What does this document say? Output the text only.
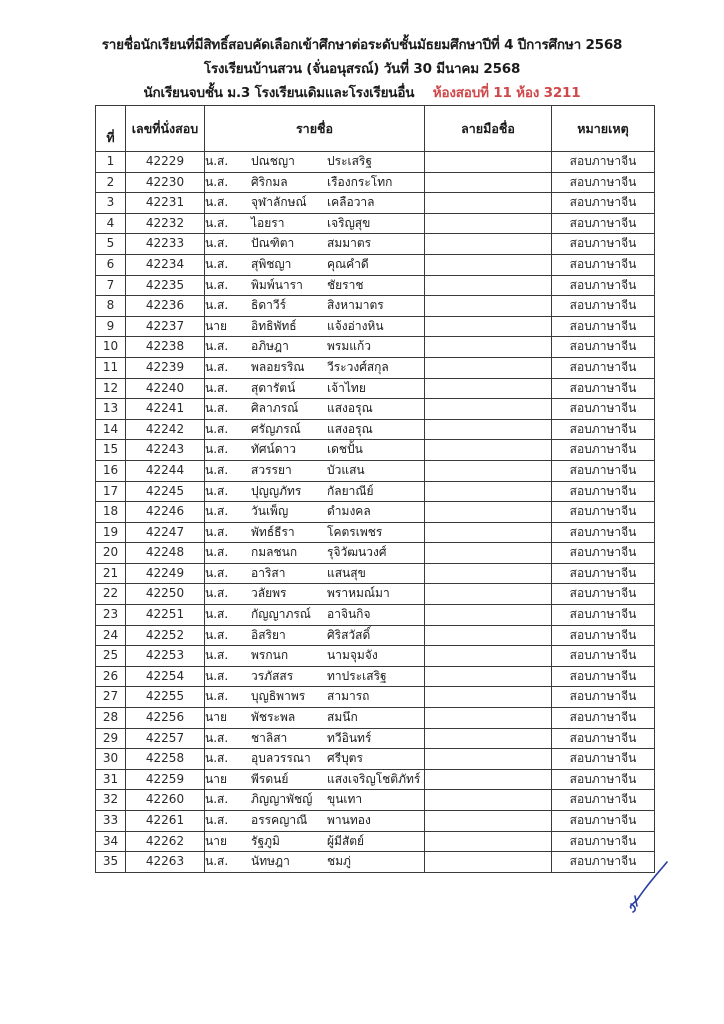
รายชื่อนักเรียนที่มีสิทธิ์สอบคัดเลือกเข้าศึกษาต่อระดับชั้นมัธยมศึกษาปีที่ 4 ปีการศึกษา 2568
โรงเรียนบ้านสวน (จั่นอนุสรณ์) วันที่ 30 มีนาคม 2568
นักเรียนจบชั้น ม.3 โรงเรียนเดิมและโรงเรียนอื่น ห้องสอบที่ 11 ห้อง 3211
ที่	เลขที่นั่งสอบ	รายชื่อ	ลายมือชื่อ	หมายเหตุ
1	42229	น.ส. ปณชญา ประเสริฐ		สอบภาษาจีน
2	42230	น.ส. ศิริกมล เรืองกระโทก		สอบภาษาจีน
3	42231	น.ส. จุฬาลักษณ์ เคลือวาล		สอบภาษาจีน
4	42232	น.ส. ไอยรา เจริญสุข		สอบภาษาจีน
5	42233	น.ส. ปัณฑิตา สมมาตร		สอบภาษาจีน
6	42234	น.ส. สุพิชญา คุณคำดี		สอบภาษาจีน
7	42235	น.ส. พิมพ์นารา ชัยราช		สอบภาษาจีน
8	42236	น.ส. ธิดาวีร์ สิงหามาตร		สอบภาษาจีน
9	42237	นาย อิทธิพัทธ์ แจ้งอ่างหิน		สอบภาษาจีน
10	42238	น.ส. อภิษฎา พรมแก้ว		สอบภาษาจีน
11	42239	น.ส. พลอยรริณ วีระวงศ์สกุล		สอบภาษาจีน
12	42240	น.ส. สุดารัตน์ เจ้าไทย		สอบภาษาจีน
13	42241	น.ส. ศิลาภรณ์ แสงอรุณ		สอบภาษาจีน
14	42242	น.ส. ศรัญภรณ์ แสงอรุณ		สอบภาษาจีน
15	42243	น.ส. ทัศน์ดาว เดชปั้น		สอบภาษาจีน
16	42244	น.ส. สวรรยา บัวแสน		สอบภาษาจีน
17	42245	น.ส. ปุญญภัทร กัลยาณีย์		สอบภาษาจีน
18	42246	น.ส. วันเพ็ญ ดำมงคล		สอบภาษาจีน
19	42247	น.ส. พัทธ์ธีรา โคตรเพชร		สอบภาษาจีน
20	42248	น.ส. กมลชนก รุจิวัฒนวงศ์		สอบภาษาจีน
21	42249	น.ส. อาริสา แสนสุข		สอบภาษาจีน
22	42250	น.ส. วลัยพร พราหมณ์มา		สอบภาษาจีน
23	42251	น.ส. กัญญาภรณ์ อาจินกิจ		สอบภาษาจีน
24	42252	น.ส. อิสริยา ศิริสวัสดิ์		สอบภาษาจีน
25	42253	น.ส. พรกนก นามจุมจัง		สอบภาษาจีน
26	42254	น.ส. วรภัสสร ทาประเสริฐ		สอบภาษาจีน
27	42255	น.ส. บุญธิพาพร สามารถ		สอบภาษาจีน
28	42256	นาย พัชระพล สมนึก		สอบภาษาจีน
29	42257	น.ส. ชาลิสา ทวีอินทร์		สอบภาษาจีน
30	42258	น.ส. อุบลวรรณา ศรีบุตร		สอบภาษาจีน
31	42259	นาย พีรดนย์ แสงเจริญโชติภัทร์		สอบภาษาจีน
32	42260	น.ส. ภิญญาพัชญ์ ขุนเทา		สอบภาษาจีน
33	42261	น.ส. อรรคญาณี พานทอง		สอบภาษาจีน
34	42262	นาย รัฐภูมิ ผู้มีสัตย์		สอบภาษาจีน
35	42263	น.ส. นัทษฎา ชมภู่		สอบภาษาจีน
